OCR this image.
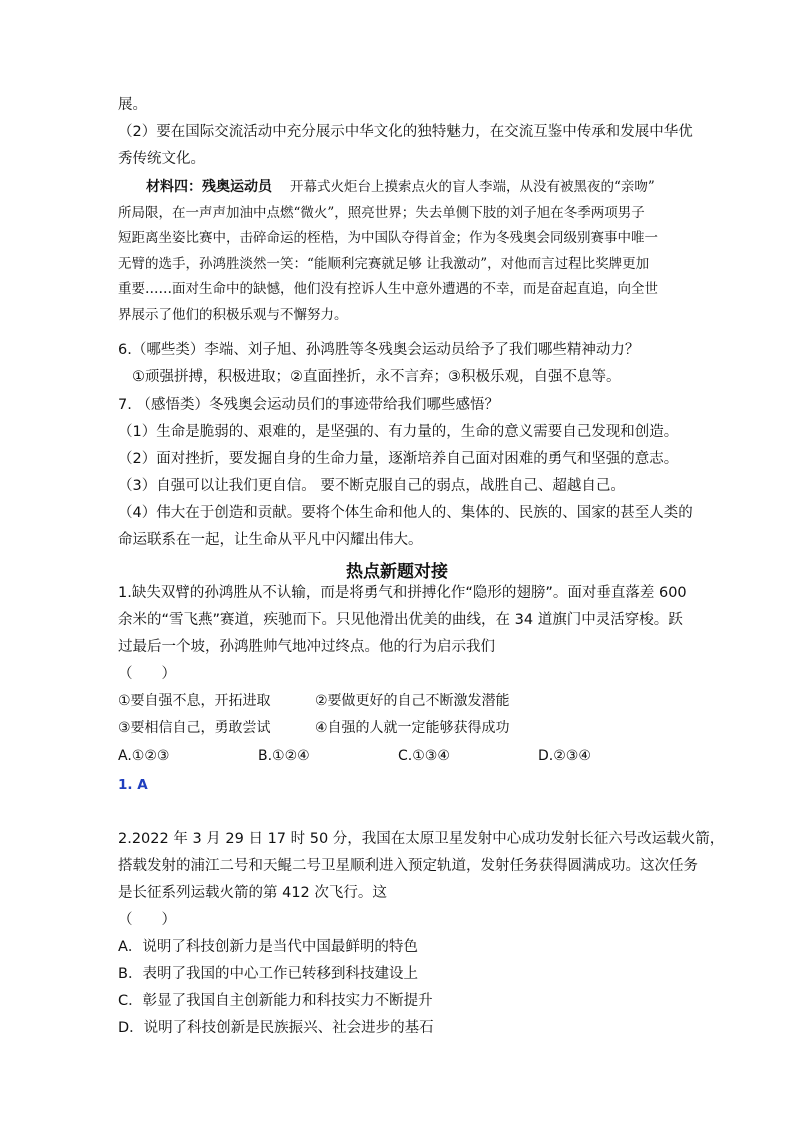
展。
（2）要在国际交流活动中充分展示中华文化的独特魅力，在交流互鉴中传承和发展中华优
秀传统文化。
材料四：残奥运动员 开幕式火炬台上摸索点火的盲人李端，从没有被黑夜的“亲吻”
所局限，在一声声加油中点燃“微火”，照亮世界；失去单侧下肢的刘子旭在冬季两项男子
短距离坐姿比赛中，击碎命运的桎梏，为中国队夺得首金；作为冬残奥会同级别赛事中唯一
无臂的选手，孙鸿胜淡然一笑：“能顺利完赛就足够 让我激动”，对他而言过程比奖牌更加
重要……面对生命中的缺憾，他们没有控诉人生中意外遭遇的不幸，而是奋起直追，向全世
界展示了他们的积极乐观与不懈努力。
6.（哪些类）李端、刘子旭、孙鸿胜等冬残奥会运动员给予了我们哪些精神动力？
①顽强拼搏，积极进取；②直面挫折，永不言弃；③积极乐观，自强不息等。
7. （感悟类）冬残奥会运动员们的事迹带给我们哪些感悟？
（1）生命是脆弱的、艰难的，是坚强的、有力量的，生命的意义需要自己发现和创造。
（2）面对挫折，要发掘自身的生命力量，逐渐培养自己面对困难的勇气和坚强的意志。
（3）自强可以让我们更自信。 要不断克服自己的弱点，战胜自己、超越自己。
（4）伟大在于创造和贡献。要将个体生命和他人的、集体的、民族的、国家的甚至人类的
命运联系在一起，让生命从平凡中闪耀出伟大。
热点新题对接
1.缺失双臂的孙鸿胜从不认输，而是将勇气和拼搏化作“隐形的翅膀”。面对垂直落差 600
余米的“雪飞燕”赛道，疾驰而下。只见他滑出优美的曲线，在 34 道旗门中灵活穿梭。跃
过最后一个坡，孙鸿胜帅气地冲过终点。他的行为启示我们
（　　）
①要自强不息，开拓进取	②要做更好的自己不断激发潜能
③要相信自己，勇敢尝试	④自强的人就一定能够获得成功
A.①②③	B.①②④	C.①③④	D.②③④
1. A
2.2022 年 3 月 29 日 17 时 50 分，我国在太原卫星发射中心成功发射长征六号改运载火箭，
搭载发射的浦江二号和天鲲二号卫星顺利进入预定轨道，发射任务获得圆满成功。这次任务
是长征系列运载火箭的第 412 次飞行。这
（　　）
A．说明了科技创新力是当代中国最鲜明的特色
B．表明了我国的中心工作已转移到科技建设上
C．彰显了我国自主创新能力和科技实力不断提升
D．说明了科技创新是民族振兴、社会进步的基石
